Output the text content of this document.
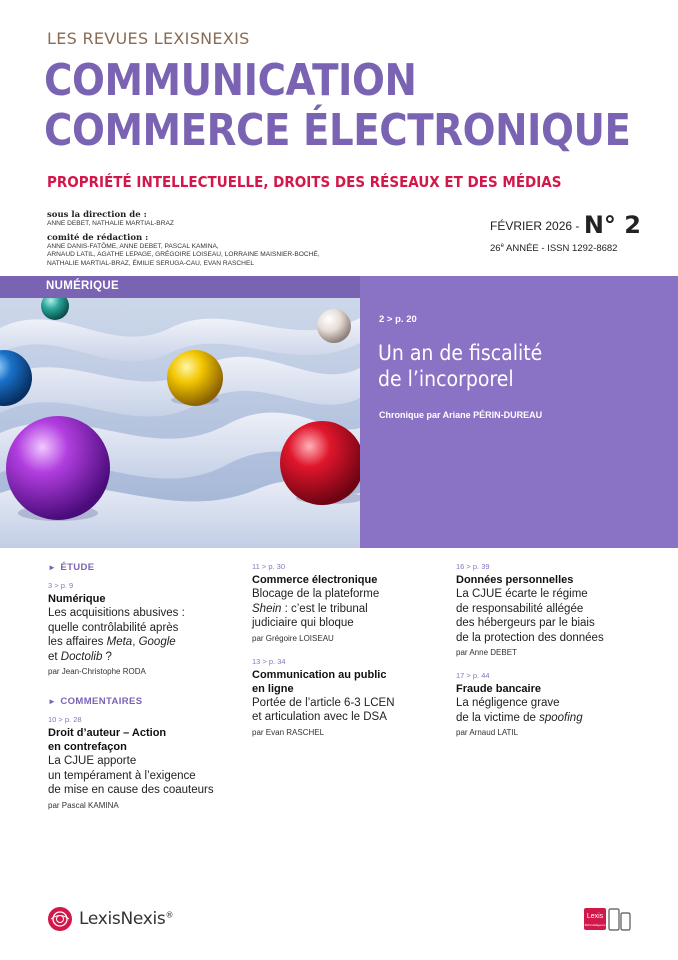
LES REVUES LEXISNEXIS
COMMUNICATION
COMMERCE ÉLECTRONIQUE
PROPRIÉTÉ INTELLECTUELLE, DROITS DES RÉSEAUX ET DES MÉDIAS
sous la direction de :
ANNE DEBET, NATHALIE MARTIAL-BRAZ
comité de rédaction :
ANNE DANIS-FATÔME, ANNE DEBET, PASCAL KAMINA,
ARNAUD LATIL, AGATHE LEPAGE, GRÉGOIRE LOISEAU, LORRAINE MAISNIER-BOCHÉ,
NATHALIE MARTIAL-BRAZ, ÉMILIE SERUGA-CAU, EVAN RASCHEL
FÉVRIER 2026 - N° 2
26e ANNÉE - ISSN 1292-8682
NUMÉRIQUE
2 > p. 20
Un an de fiscalité
de l’incorporel
Chronique par Ariane PÉRIN-DUREAU
► ÉTUDE
3 > p. 9
Numérique
Les acquisitions abusives :
quelle contrôlabilité après
les affaires Meta, Google
et Doctolib ?
par Jean-Christophe RODA
► COMMENTAIRES
10 > p. 28
Droit d’auteur – Action
en contrefaçon
La CJUE apporte
un tempérament à l’exigence
de mise en cause des coauteurs
par Pascal KAMINA
11 > p. 30
Commerce électronique
Blocage de la plateforme
Shein : c’est le tribunal
judiciaire qui bloque
par Grégoire LOISEAU
13 > p. 34
Communication au public
en ligne
Portée de l’article 6-3 LCEN
et articulation avec le DSA
par Evan RASCHEL
16 > p. 39
Données personnelles
La CJUE écarte le régime
de responsabilité allégée
des hébergeurs par le biais
de la protection des données
par Anne DEBET
17 > p. 44
Fraude bancaire
La négligence grave
de la victime de spoofing
par Arnaud LATIL
LexisNexis®	Lexis
360 Intelligence
